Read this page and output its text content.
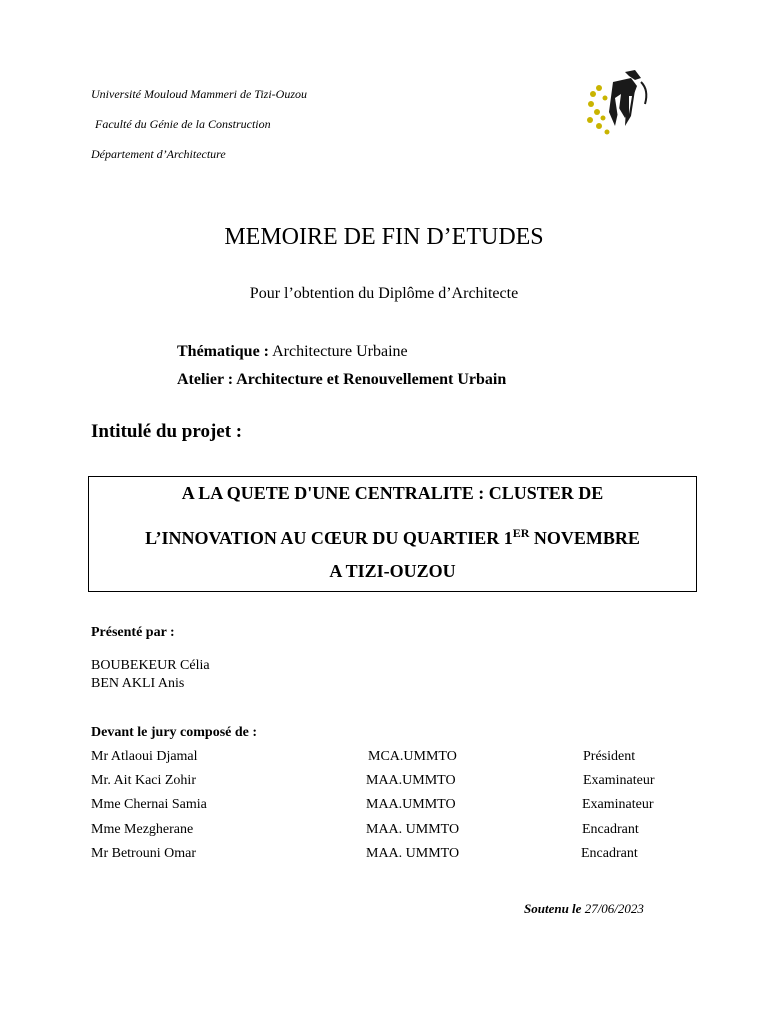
Université Mouloud Mammeri de Tizi-Ouzou
Faculté du Génie de la Construction
Département d’Architecture
MEMOIRE DE FIN D’ETUDES
Pour l’obtention du Diplôme d’Architecte
Thématique : Architecture Urbaine
Atelier : Architecture et Renouvellement Urbain
Intitulé du projet :
A LA QUETE D'UNE CENTRALITE : CLUSTER DE
L’INNOVATION AU CŒUR DU QUARTIER 1ER NOVEMBRE
A TIZI-OUZOU
Présenté par :
BOUBEKEUR Célia
BEN AKLI Anis
Devant le jury composé de :
Mr Atlaoui Djamal	MCA.UMMTO	Président
Mr. Ait Kaci Zohir	MAA.UMMTO	Examinateur
Mme Chernai Samia	MAA.UMMTO	Examinateur
Mme Mezgherane	MAA. UMMTO	Encadrant
Mr Betrouni Omar	MAA. UMMTO	Encadrant
Soutenu le 27/06/2023
